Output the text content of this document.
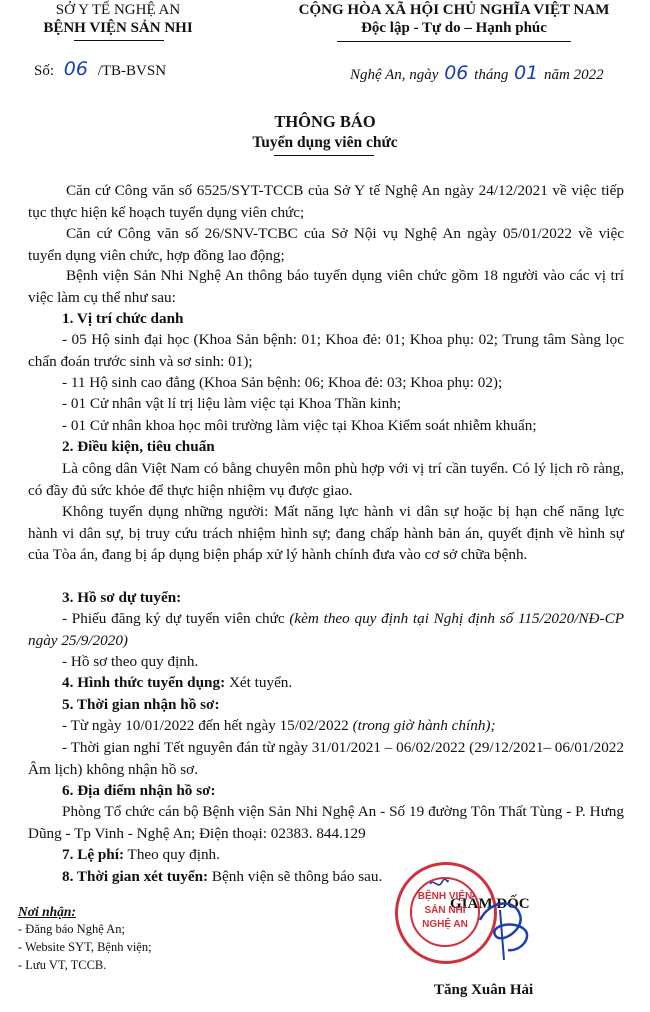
SỞ Y TẾ NGHỆ AN
BỆNH VIỆN SẢN NHI
Số: 06 /TB-BVSN
CỘNG HÒA XÃ HỘI CHỦ NGHĨA VIỆT NAM
Độc lập - Tự do – Hạnh phúc
Nghệ An, ngày 06 tháng 01 năm 2022
THÔNG BÁO
Tuyển dụng viên chức
Căn cứ Công văn số 6525/SYT-TCCB của Sở Y tế Nghệ An ngày 24/12/2021 về việc tiếp tục thực hiện kế hoạch tuyển dụng viên chức;
Căn cứ Công văn số 26/SNV-TCBC của Sở Nội vụ Nghệ An ngày 05/01/2022 về việc tuyển dụng viên chức, hợp đồng lao động;
Bệnh viện Sản Nhi Nghệ An thông báo tuyển dụng viên chức gồm 18 người vào các vị trí việc làm cụ thể như sau:
1. Vị trí chức danh
- 05 Hộ sinh đại học (Khoa Sản bệnh: 01; Khoa đẻ: 01; Khoa phụ: 02; Trung tâm Sàng lọc chẩn đoán trước sinh và sơ sinh: 01);
- 11 Hộ sinh cao đẳng (Khoa Sản bệnh: 06; Khoa đẻ: 03; Khoa phụ: 02);
- 01 Cử nhân vật lí trị liệu làm việc tại Khoa Thần kinh;
- 01 Cử nhân khoa học môi trường làm việc tại Khoa Kiểm soát nhiễm khuẩn;
2. Điều kiện, tiêu chuẩn
Là công dân Việt Nam có bằng chuyên môn phù hợp với vị trí cần tuyển. Có lý lịch rõ ràng, có đầy đủ sức khỏe để thực hiện nhiệm vụ được giao.
Không tuyển dụng những người: Mất năng lực hành vi dân sự hoặc bị hạn chế năng lực hành vi dân sự, bị truy cứu trách nhiệm hình sự; đang chấp hành bản án, quyết định về hình sự của Tòa án, đang bị áp dụng biện pháp xử lý hành chính đưa vào cơ sở chữa bệnh.
3. Hồ sơ dự tuyển:
- Phiếu đăng ký dự tuyển viên chức (kèm theo quy định tại Nghị định số 115/2020/NĐ-CP ngày 25/9/2020)
- Hồ sơ theo quy định.
4. Hình thức tuyển dụng: Xét tuyển.
5. Thời gian nhận hồ sơ:
- Từ ngày 10/01/2022 đến hết ngày 15/02/2022 (trong giờ hành chính);
- Thời gian nghỉ Tết nguyên đán từ ngày 31/01/2021 – 06/02/2022 (29/12/2021– 06/01/2022 Âm lịch) không nhận hồ sơ.
6. Địa điểm nhận hồ sơ:
Phòng Tổ chức cán bộ Bệnh viện Sản Nhi Nghệ An - Số 19 đường Tôn Thất Tùng - P. Hưng Dũng - Tp Vinh - Nghệ An; Điện thoại: 02383. 844.129
7. Lệ phí: Theo quy định.
8. Thời gian xét tuyển: Bệnh viện sẽ thông báo sau.
Nơi nhận:
- Đăng báo Nghệ An;
- Website SYT, Bệnh viện;
- Lưu VT, TCCB.
GIÁM ĐỐC
BỆNH VIỆN
SẢN NHI
NGHỆ AN
Tăng Xuân Hải
